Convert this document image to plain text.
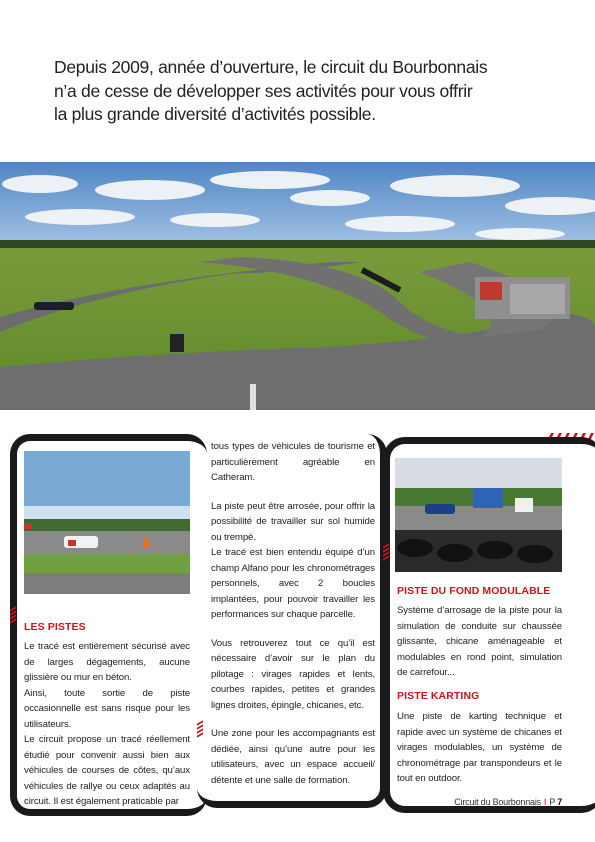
Depuis 2009, année d’ouverture, le circuit du Bourbonnais
n’a de cesse de développer ses activités pour vous offrir
la plus grande diversité d’activités possible.
LES PISTES

Le tracé est entièrement sécurisé avec de larges dégagements, aucune glissière ou mur en béton.

Ainsi, toute sortie de piste occasionnelle est sans risque pour les utilisateurs.

Le circuit propose un tracé réellement étudié pour convenir aussi bien aux véhicules de courses de côtes, qu’aux véhicules de rallye ou ceux adaptés au circuit. Il est également praticable par

tous types de véhicules de tourisme et particulièrement agréable en Catheram.

La piste peut être arrosée, pour offrir la possibilité de travailler sur sol humide ou trempé.

Le tracé est bien entendu équipé d’un champ Alfano pour les chronométrages personnels, avec 2 boucles implantées, pour pouvoir travailler les performances sur chaque parcelle.

Vous retrouverez tout ce qu’il est nécessaire d’avoir sur le plan du pilotage : virages rapides et lents, courbes rapides, petites et grandes lignes droites, épingle, chicanes, etc.

Une zone pour les accompagnants est dédiée, ainsi qu’une autre pour les utilisateurs, avec un espace accueil/ détente et une salle de formation.

PISTE DU FOND MODULABLE
Système d’arrosage de la piste pour la simulation de conduite sur chaussée glissante, chicane aménageable et modulables en rond point, simulation de carrefour...
PISTE KARTING
Une piste de karting technique et rapide avec un système de chicanes et virages modulables, un système de chronométrage par transpondeurs et le tout en outdoor.
Circuit du Bourbonnais I P 7
